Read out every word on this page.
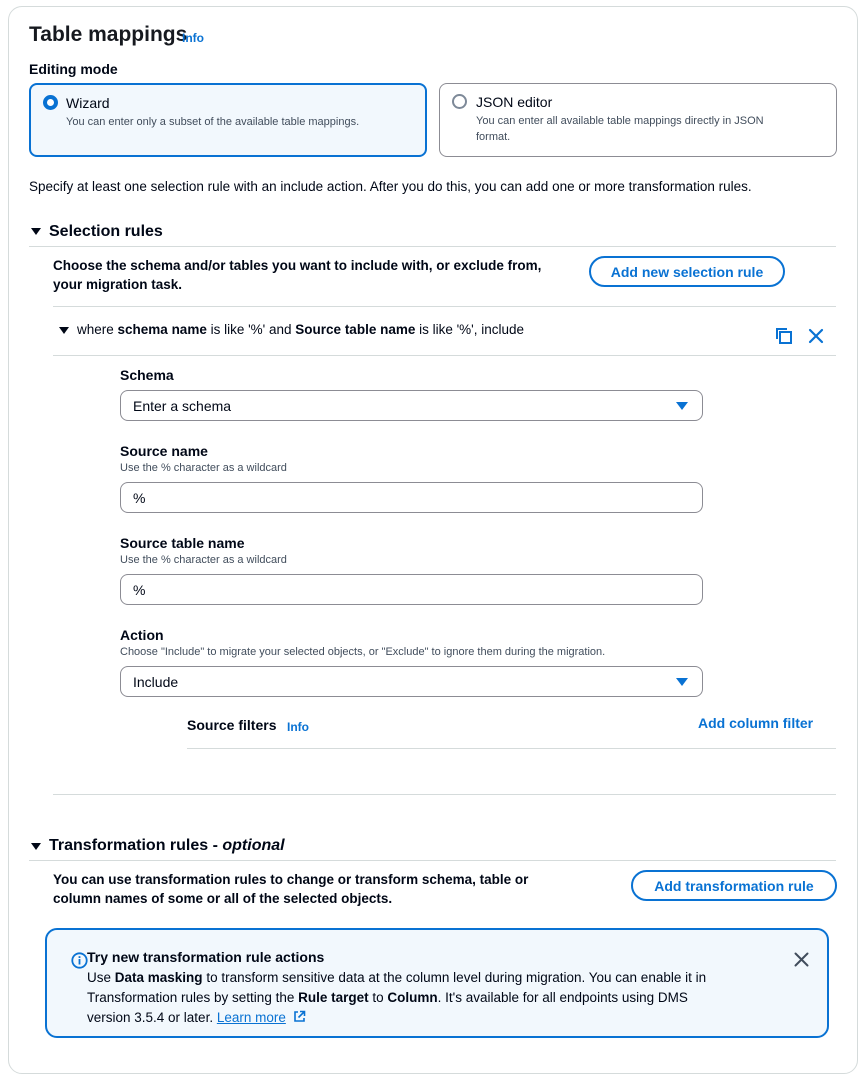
Table mappings
Info
Editing mode
Wizard
You can enter only a subset of the available table mappings.
JSON editor
You can enter all available table mappings directly in JSON
format.
Specify at least one selection rule with an include action. After you do this, you can add one or more transformation rules.
Selection rules
Choose the schema and/or tables you want to include with, or exclude from,
your migration task.
Add new selection rule
where schema name is like '%' and Source table name is like '%', include
Schema
Enter a schema
Source name
Use the % character as a wildcard
%
Source table name
Use the % character as a wildcard
%
Action
Choose "Include" to migrate your selected objects, or "Exclude" to ignore them during the migration.
Include
Source filters Info	Add column filter
Transformation rules - optional
You can use transformation rules to change or transform schema, table or
column names of some or all of the selected objects.
Add transformation rule
Try new transformation rule actions
Use Data masking to transform sensitive data at the column level during migration. You can enable it in
Transformation rules by setting the Rule target to Column. It's available for all endpoints using DMS
version 3.5.4 or later. Learn more
